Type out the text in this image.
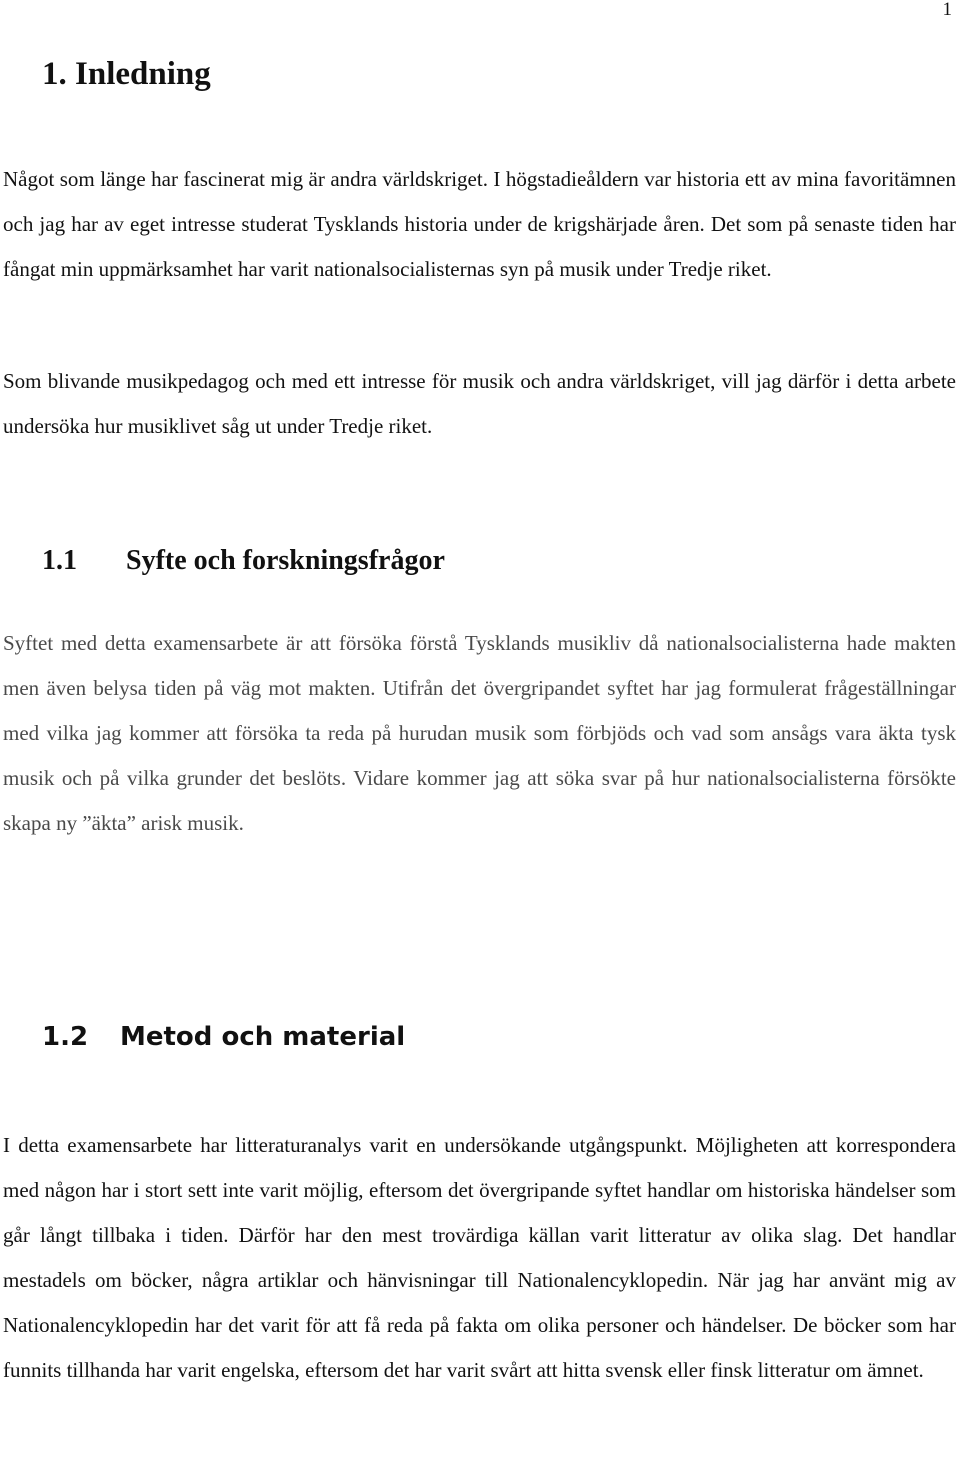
1
1. Inledning

Något som länge har fascinerat mig är andra världskriget. I högstadieåldern var historia ett av mina favoritämnen och jag har av eget intresse studerat Tysklands historia under de krigshärjade åren. Det som på senaste tiden har fångat min uppmärksamhet har varit nationalsocialisternas syn på musik under Tredje riket.

Som blivande musikpedagog och med ett intresse för musik och andra världskriget, vill jag därför i detta arbete undersöka hur musiklivet såg ut under Tredje riket.

1.1 Syfte och forskningsfrågor

Syftet med detta examensarbete är att försöka förstå Tysklands musikliv då nationalsocialisterna hade makten men även belysa tiden på väg mot makten. Utifrån det övergripandet syftet har jag formulerat frågeställningar med vilka jag kommer att försöka ta reda på hurudan musik som förbjöds och vad som ansågs vara äkta tysk musik och på vilka grunder det beslöts. Vidare kommer jag att söka svar på hur nationalsocialisterna försökte skapa ny ”äkta” arisk musik.

1.2 Metod och material

I detta examensarbete har litteraturanalys varit en undersökande utgångspunkt. Möjligheten att korrespondera med någon har i stort sett inte varit möjlig, eftersom det övergripande syftet handlar om historiska händelser som går långt tillbaka i tiden. Därför har den mest trovärdiga källan varit litteratur av olika slag. Det handlar mestadels om böcker, några artiklar och hänvisningar till Nationalencyklopedin. När jag har använt mig av Nationalencyklopedin har det varit för att få reda på fakta om olika personer och händelser. De böcker som har funnits tillhanda har varit engelska, eftersom det har varit svårt att hitta svensk eller finsk litteratur om ämnet.
